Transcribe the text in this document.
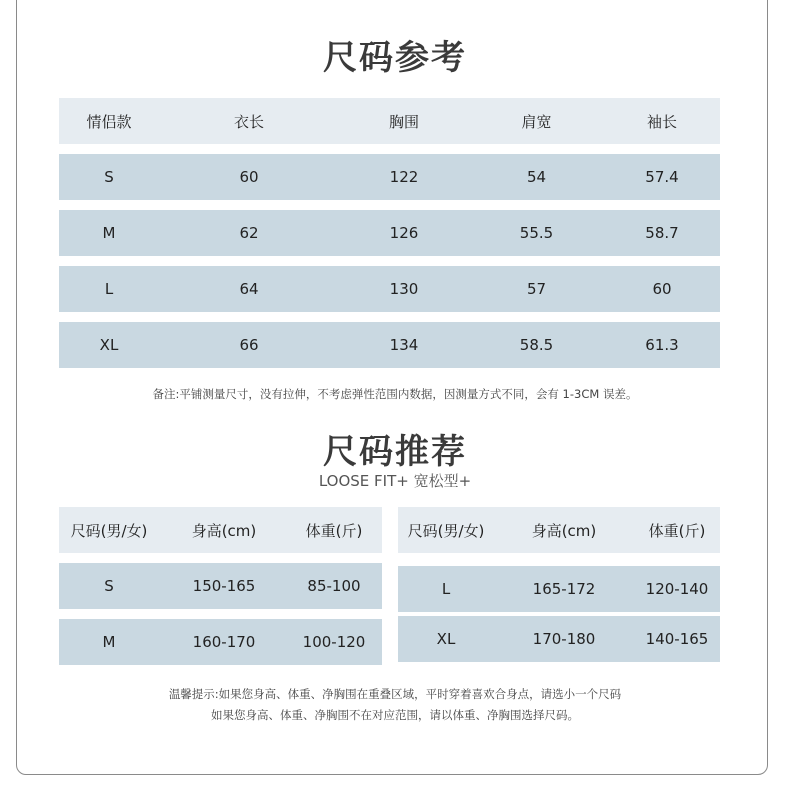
尺码参考
情侣款	衣长	胸围	肩宽	袖长
S	60	122	54	57.4
M	62	126	55.5	58.7
L	64	130	57	60
XL	66	134	58.5	61.3
备注:平铺测量尺寸，没有拉伸，不考虑弹性范围内数据，因测量方式不同，会有 1-3CM 误差。
尺码推荐
LOOSE FIT+ 宽松型+
尺码(男/女)	身高(cm)	体重(斤)
S	150-165	85-100
M	160-170	100-120
尺码(男/女)	身高(cm)	体重(斤)
L	165-172	120-140
XL	170-180	140-165
温馨提示:如果您身高、体重、净胸围在重叠区域，平时穿着喜欢合身点，请选小一个尺码
如果您身高、体重、净胸围不在对应范围，请以体重、净胸围选择尺码。
